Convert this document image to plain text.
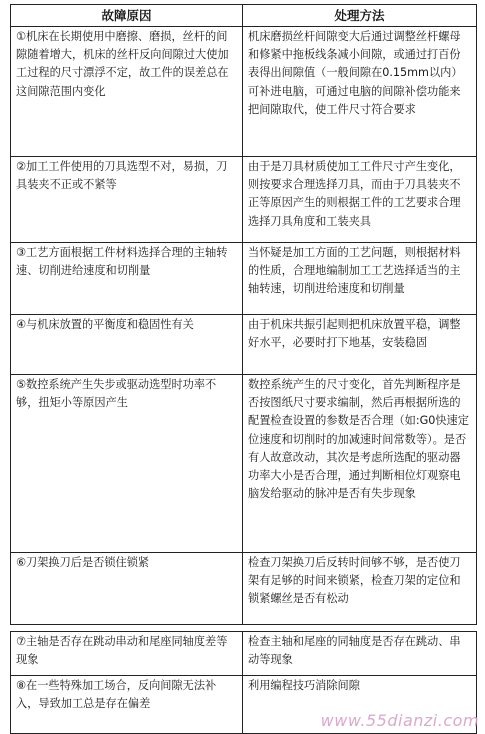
故障原因	处理方法
①机床在长期使用中磨擦、磨损，丝杆的间隙随着增大，机床的丝杆反向间隙过大使加工过程的尺寸漂浮不定，故工件的误差总在这间隙范围内变化	机床磨损丝杆间隙变大后通过调整丝杆螺母和修紧中拖板线条减小间隙，或通过打百份表得出间隙值（一般间隙在0.15mm以内）可补进电脑，可通过电脑的间隙补偿功能来把间隙取代，使工件尺寸符合要求
②加工工件使用的刀具选型不对，易损，刀具装夹不正或不紧等	由于是刀具材质使加工工件尺寸产生变化，则按要求合理选择刀具，而由于刀具装夹不正等原因产生的则根据工件的工艺要求合理选择刀具角度和工装夹具
③工艺方面根据工件材料选择合理的主轴转速、切削进给速度和切削量	当怀疑是加工方面的工艺问题，则根据材料的性质，合理地编制加工工艺选择适当的主轴转速，切削进给速度和切削量
④与机床放置的平衡度和稳固性有关	由于机床共振引起则把机床放置平稳，调整好水平，必要时打下地基，安装稳固
⑤数控系统产生失步或驱动选型时功率不够，扭矩小等原因产生	数控系统产生的尺寸变化，首先判断程序是否按图纸尺寸要求编制，然后再根据所选的配置检查设置的参数是否合理（如:G0快速定位速度和切削时的加减速时间常数等）。是否有人故意改动，其次是考虑所选配的驱动器功率大小是否合理，通过判断相位灯观察电脑发给驱动的脉冲是否有失步现象
⑥刀架换刀后是否锁住锁紧	检查刀架换刀后反转时间够不够，是否使刀架有足够的时间来锁紧，检查刀架的定位和锁紧螺丝是否有松动

⑦主轴是否存在跳动串动和尾座同轴度差等现象	检查主轴和尾座的同轴度是否存在跳动、串动等现象
⑧在一些特殊加工场合，反向间隙无法补入，导致加工总是存在偏差	利用编程技巧消除间隙
www.55dianzi.com
